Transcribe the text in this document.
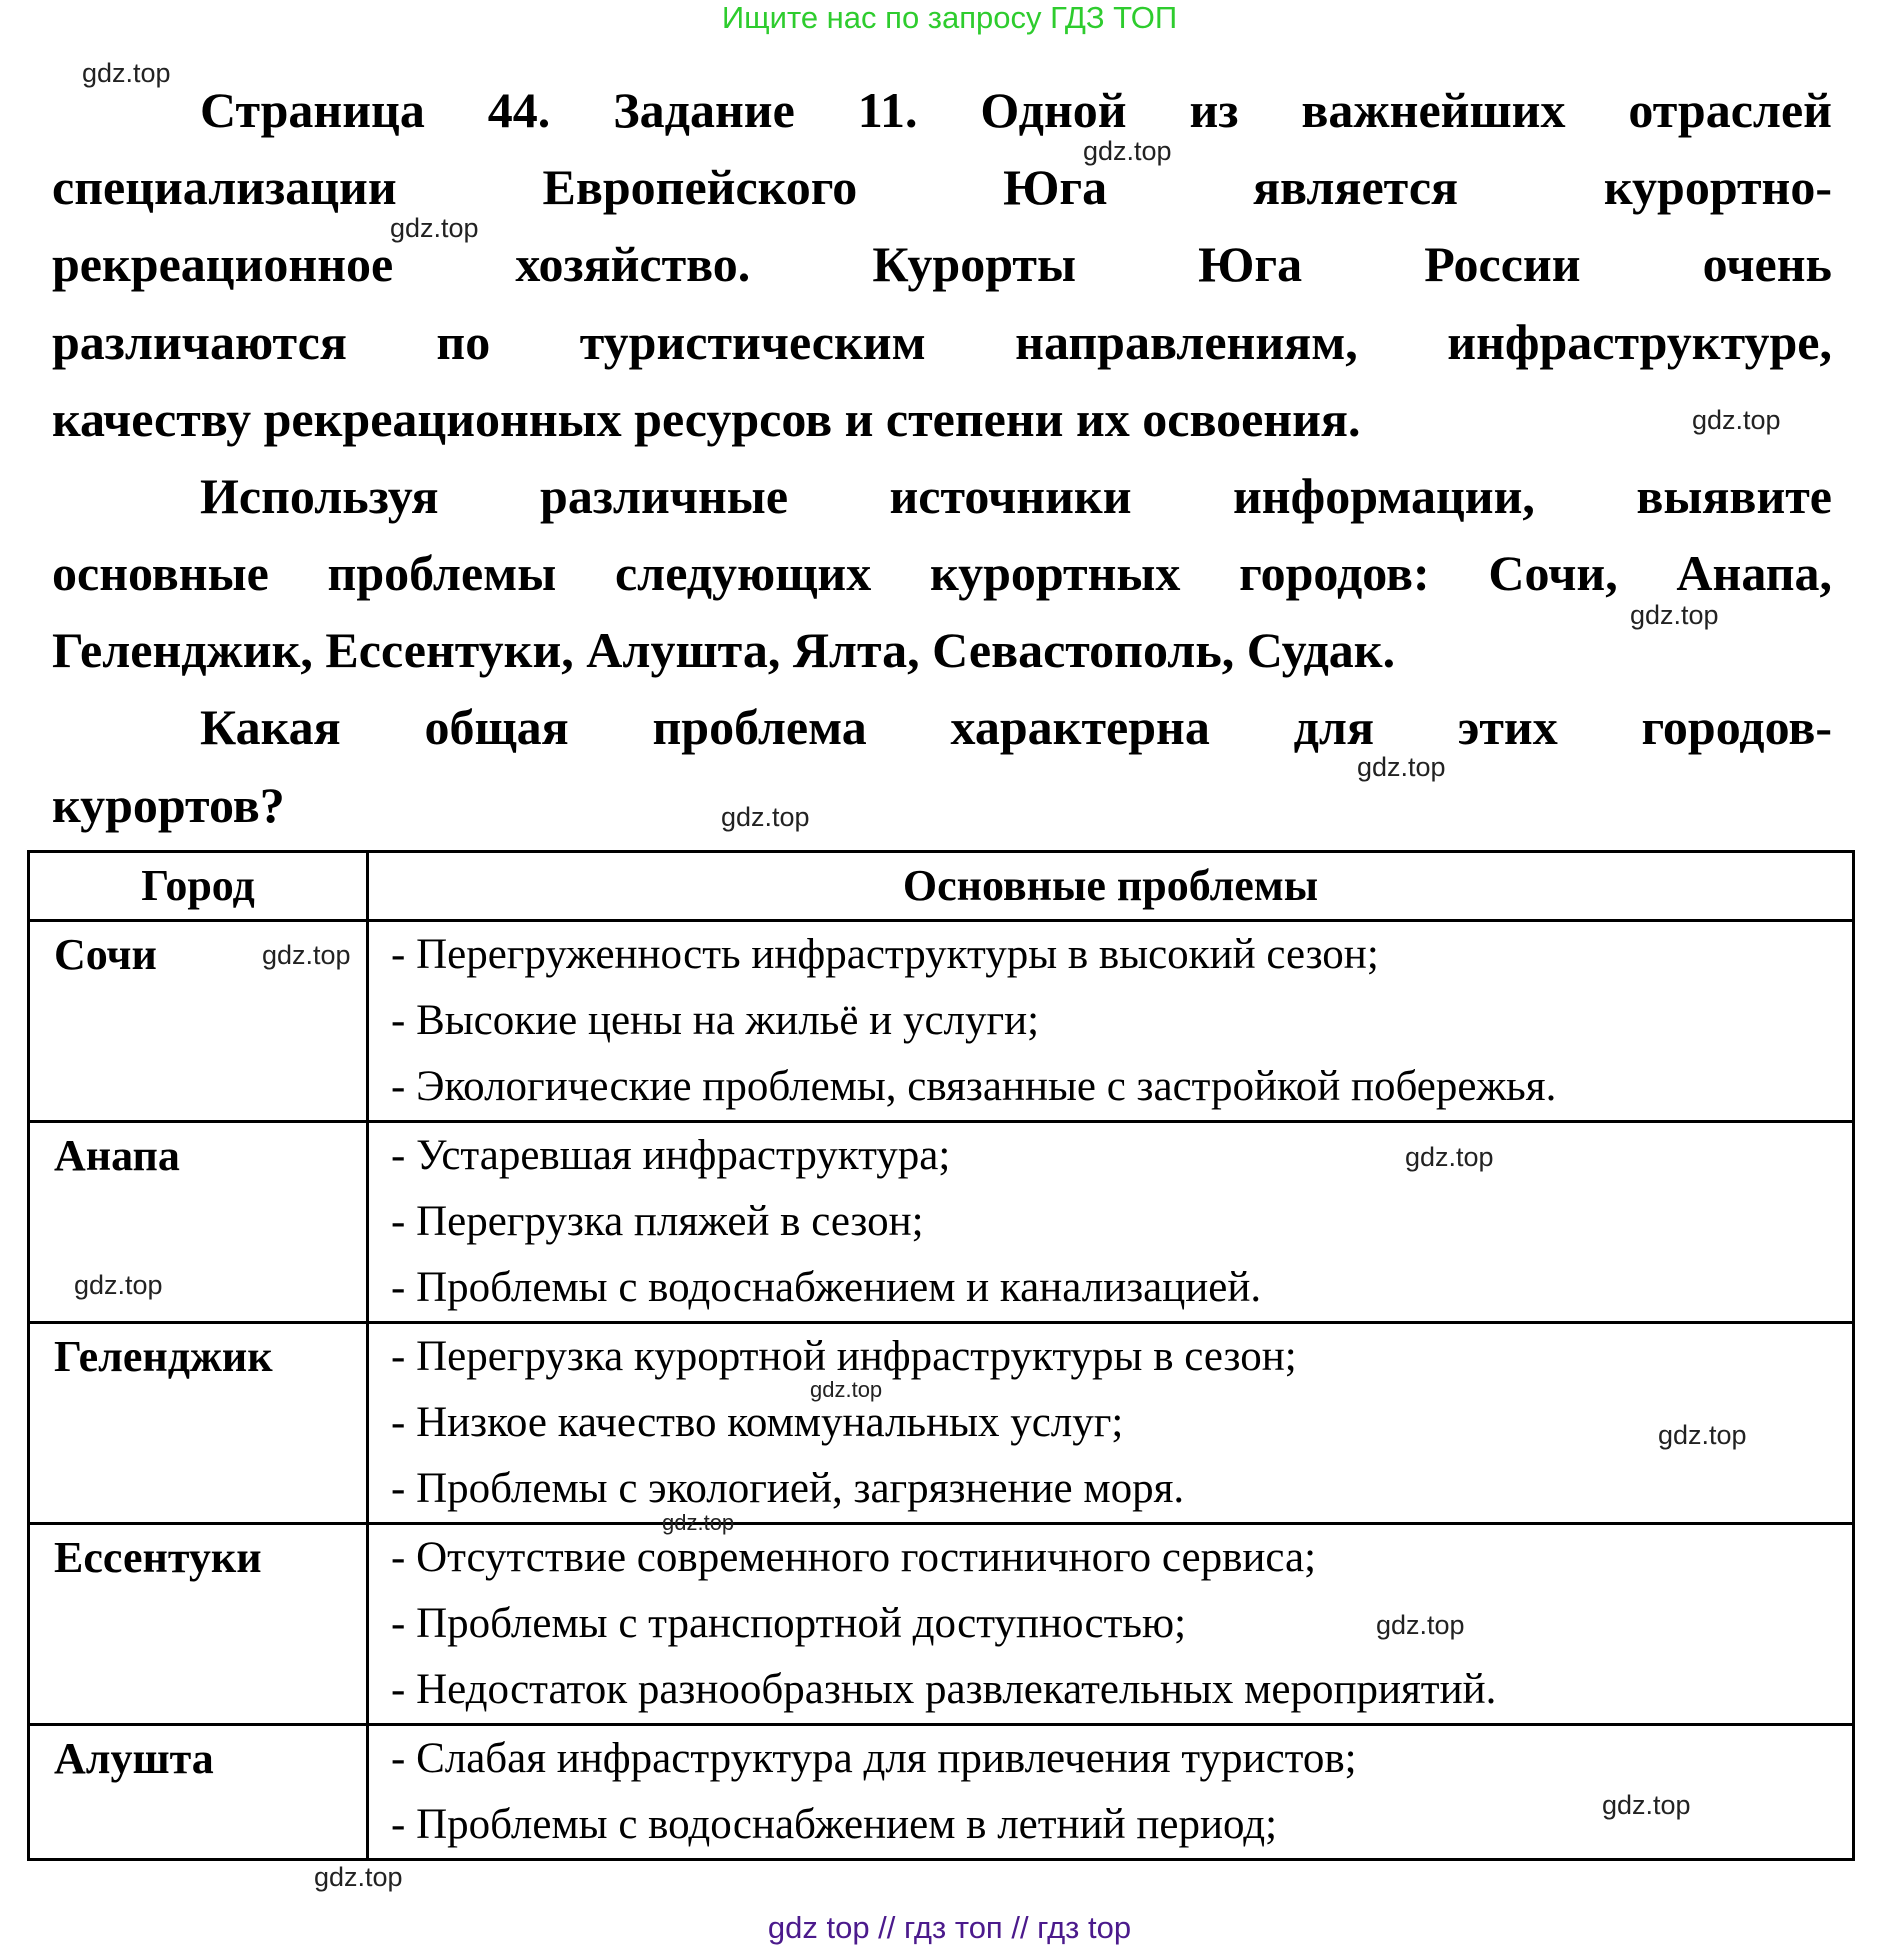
Ищите нас по запросу ГДЗ ТОП
Страница 44. Задание 11. Одной из важнейших отраслей
специализации Европейского Юга является курортно-
рекреационное хозяйство. Курорты Юга России очень
различаются по туристическим направлениям, инфраструктуре,
качеству рекреационных ресурсов и степени их освоения.
Используя различные источники информации, выявите
основные проблемы следующих курортных городов: Сочи, Анапа,
Геленджик, Ессентуки, Алушта, Ялта, Севастополь, Судак.
Какая общая проблема характерна для этих городов-
курортов?
Город	Основные проблемы
Сочи	- Перегруженность инфраструктуры в высокий сезон;
- Высокие цены на жильё и услуги;
- Экологические проблемы, связанные с застройкой побережья.

Анапа	- Устаревшая инфраструктура;
- Перегрузка пляжей в сезон;
- Проблемы с водоснабжением и канализацией.

Геленджик	- Перегрузка курортной инфраструктуры в сезон;
- Низкое качество коммунальных услуг;
- Проблемы с экологией, загрязнение моря.

Ессентуки	- Отсутствие современного гостиничного сервиса;
- Проблемы с транспортной доступностью;
- Недостаток разнообразных развлекательных мероприятий.

Алушта	- Слабая инфраструктура для привлечения туристов;
- Проблемы с водоснабжением в летний период;
gdz.top
gdz.top
gdz.top
gdz.top
gdz.top
gdz.top
gdz.top
gdz.top
gdz.top
gdz.top
gdz.top
gdz.top
gdz.top
gdz.top
gdz.top
gdz.top
gdz top // гдз топ // гдз top
